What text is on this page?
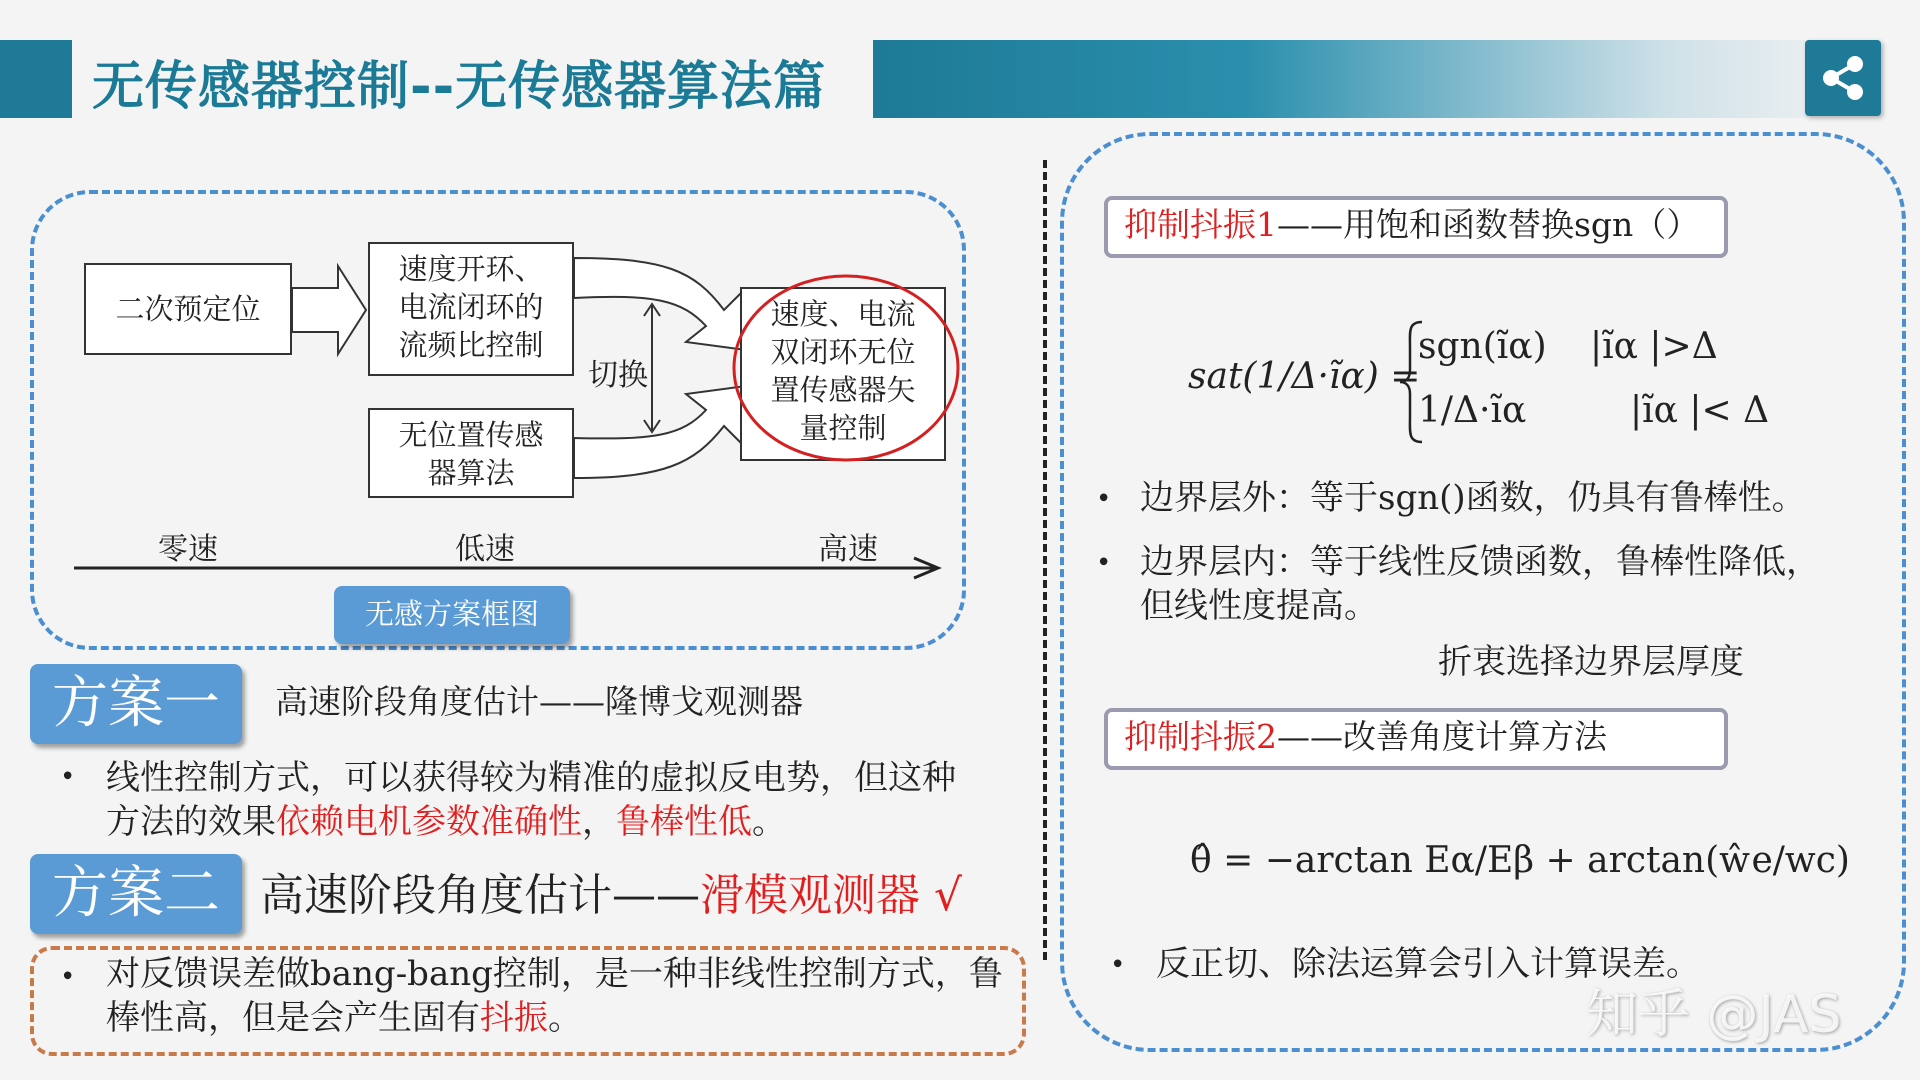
无传感器控制--无传感器算法篇
二次预定位
速度开环、
电流闭环的
流频比控制
无位置传感
器算法
切换
速度、电流
双闭环无位
置传感器矢
量控制
零速	低速	高速
无感方案框图
方案一	高速阶段角度估计——隆博戈观测器
• 线性控制方式，可以获得较为精准的虚拟反电势，但这种
方法的效果依赖电机参数准确性，鲁棒性低。
方案二 高速阶段角度估计——滑模观测器 √
• 对反馈误差做bang-bang控制，是一种非线性控制方式，鲁
棒性高，但是会产生固有抖振。
抑制抖振1——用饱和函数替换sgn（）
sat(1/Δ·ĩα) =
sgn(ĩα) |ĩα |>Δ
1/Δ·ĩα	|ĩα |< Δ
• 边界层外：等于sgn()函数，仍具有鲁棒性。
• 边界层内：等于线性反馈函数，鲁棒性降低，
但线性度提高。
折衷选择边界层厚度
抑制抖振2——改善角度计算方法
θ̂ = −arctan Eα/Eβ + arctan(ŵe/wc)
• 反正切、除法运算会引入计算误差。
知乎 @JAS
